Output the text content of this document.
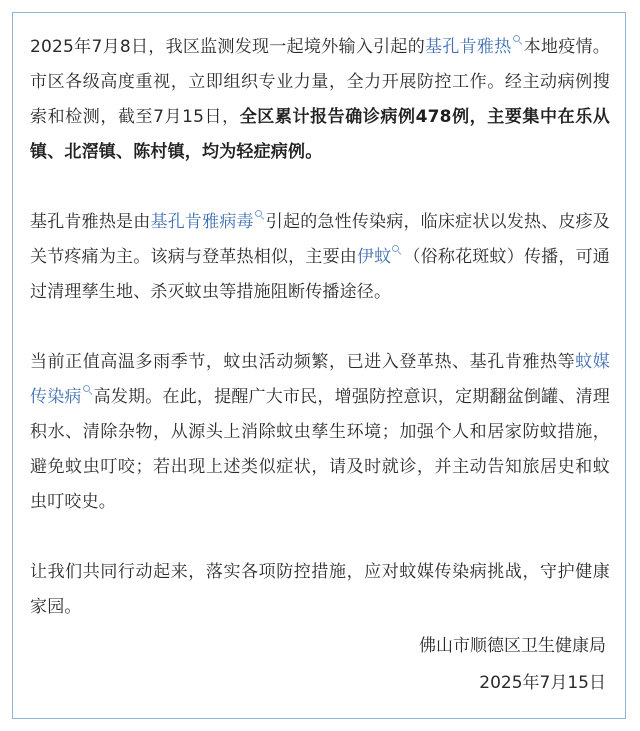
2025年7月8日，我区监测发现一起境外输入引起的基孔肯雅热 本地疫情。市区各级高度重视，立即组织专业力量，全力开展防控工作。经主动病例搜索和检测，截至7月15日，全区累计报告确诊病例478例，主要集中在乐从镇、北滘镇、陈村镇，均为轻症病例。

基孔肯雅热是由基孔肯雅病毒 引起的急性传染病，临床症状以发热、皮疹及关节疼痛为主。该病与登革热相似，主要由伊蚊 （俗称花斑蚊）传播，可通过清理孳生地、杀灭蚊虫等措施阻断传播途径。

当前正值高温多雨季节，蚊虫活动频繁，已进入登革热、基孔肯雅热等蚊媒传染病 高发期。在此，提醒广大市民，增强防控意识，定期翻盆倒罐、清理积水、清除杂物，从源头上消除蚊虫孳生环境；加强个人和居家防蚊措施，避免蚊虫叮咬；若出现上述类似症状，请及时就诊，并主动告知旅居史和蚊虫叮咬史。

让我们共同行动起来，落实各项防控措施，应对蚊媒传染病挑战，守护健康家园。

佛山市顺德区卫生健康局
2025年7月15日
